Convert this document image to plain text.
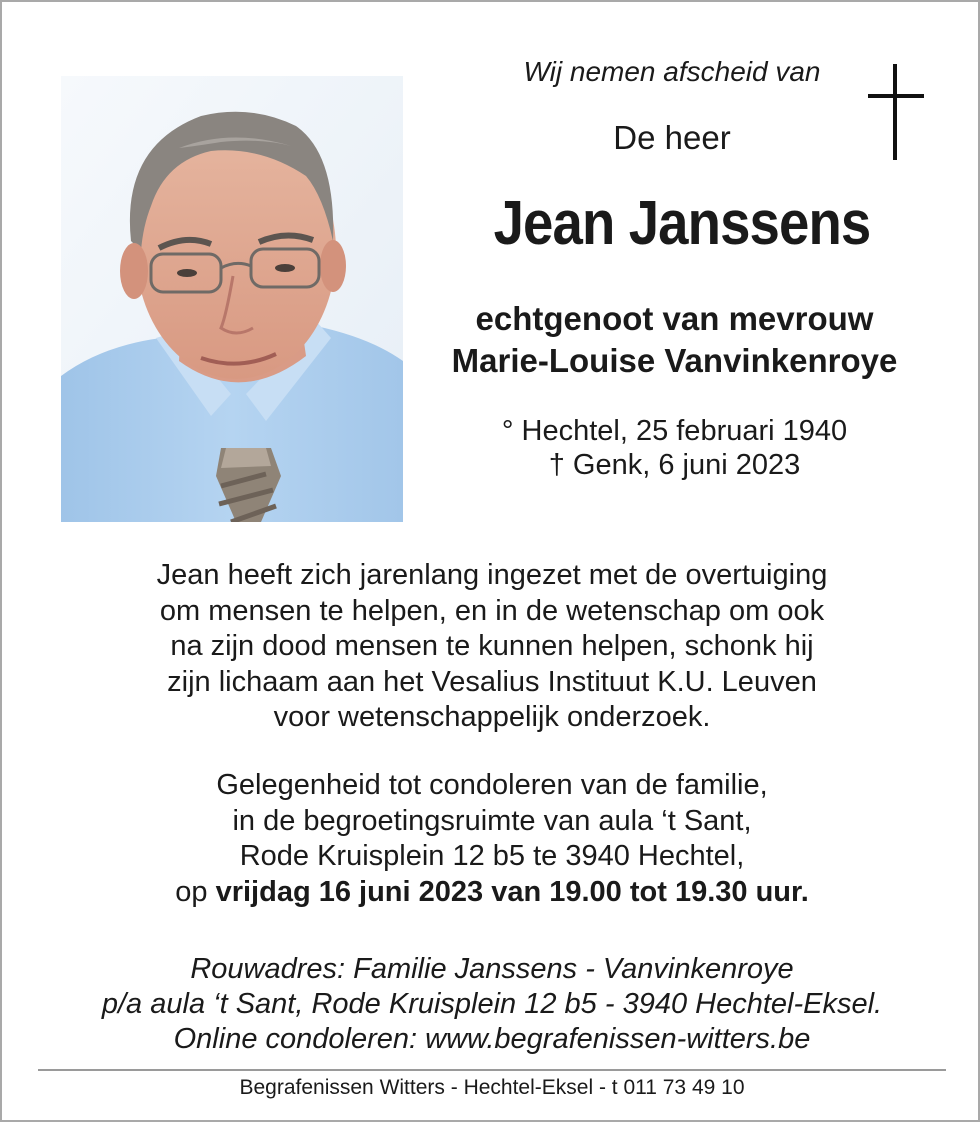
Wij nemen afscheid van
De heer
Jean Janssens
echtgenoot van mevrouw
Marie-Louise Vanvinkenroye
° Hechtel, 25 februari 1940
† Genk, 6 juni 2023
Jean heeft zich jarenlang ingezet met de overtuiging
om mensen te helpen, en in de wetenschap om ook
na zijn dood mensen te kunnen helpen, schonk hij
zijn lichaam aan het Vesalius Instituut K.U. Leuven
voor wetenschappelijk onderzoek.
Gelegenheid tot condoleren van de familie,
in de begroetingsruimte van aula ‘t Sant,
Rode Kruisplein 12 b5 te 3940 Hechtel,
op vrijdag 16 juni 2023 van 19.00 tot 19.30 uur.
Rouwadres: Familie Janssens - Vanvinkenroye
p/a aula ‘t Sant, Rode Kruisplein 12 b5 - 3940 Hechtel-Eksel.
Online condoleren: www.begrafenissen-witters.be
Begrafenissen Witters - Hechtel-Eksel - t 011 73 49 10
